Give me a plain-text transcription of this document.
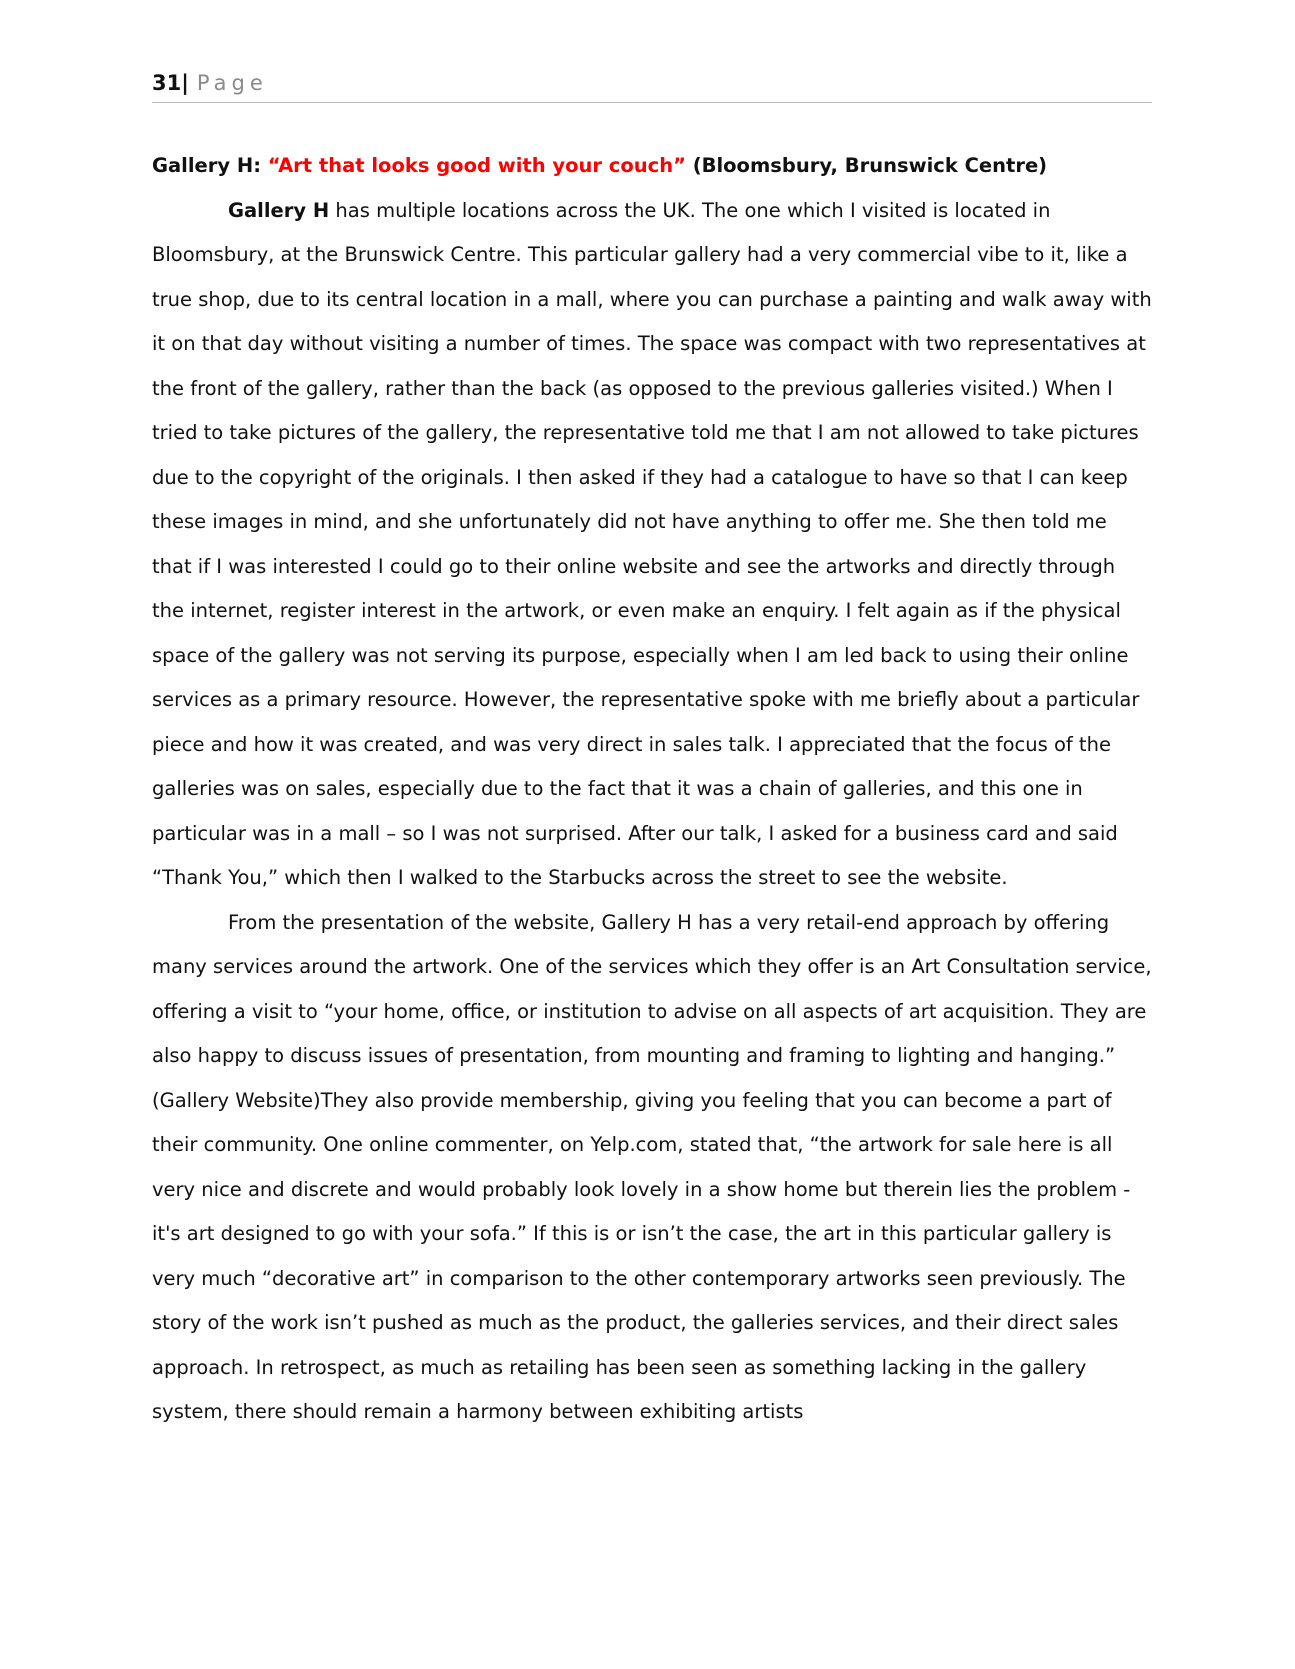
31| Page

Gallery H: “Art that looks good with your couch” (Bloomsbury, Brunswick Centre)

Gallery H has multiple locations across the UK. The one which I visited is located in Bloomsbury, at the Brunswick Centre. This particular gallery had a very commercial vibe to it, like a true shop, due to its central location in a mall, where you can purchase a painting and walk away with it on that day without visiting a number of times. The space was compact with two representatives at the front of the gallery, rather than the back (as opposed to the previous galleries visited.) When I tried to take pictures of the gallery, the representative told me that I am not allowed to take pictures due to the copyright of the originals. I then asked if they had a catalogue to have so that I can keep these images in mind, and she unfortunately did not have anything to offer me. She then told me that if I was interested I could go to their online website and see the artworks and directly through the internet, register interest in the artwork, or even make an enquiry. I felt again as if the physical space of the gallery was not serving its purpose, especially when I am led back to using their online services as a primary resource. However, the representative spoke with me briefly about a particular piece and how it was created, and was very direct in sales talk. I appreciated that the focus of the galleries was on sales, especially due to the fact that it was a chain of galleries, and this one in particular was in a mall – so I was not surprised. After our talk, I asked for a business card and said “Thank You,” which then I walked to the Starbucks across the street to see the website.

From the presentation of the website, Gallery H has a very retail-end approach by offering many services around the artwork. One of the services which they offer is an Art Consultation service, offering a visit to “your home, office, or institution to advise on all aspects of art acquisition. They are also happy to discuss issues of presentation, from mounting and framing to lighting and hanging.” (Gallery Website)They also provide membership, giving you feeling that you can become a part of their community. One online commenter, on Yelp.com, stated that, “the artwork for sale here is all very nice and discrete and would probably look lovely in a show home but therein lies the problem - it's art designed to go with your sofa.” If this is or isn’t the case, the art in this particular gallery is very much “decorative art” in comparison to the other contemporary artworks seen previously. The story of the work isn’t pushed as much as the product, the galleries services, and their direct sales approach. In retrospect, as much as retailing has been seen as something lacking in the gallery system, there should remain a harmony between exhibiting artists
